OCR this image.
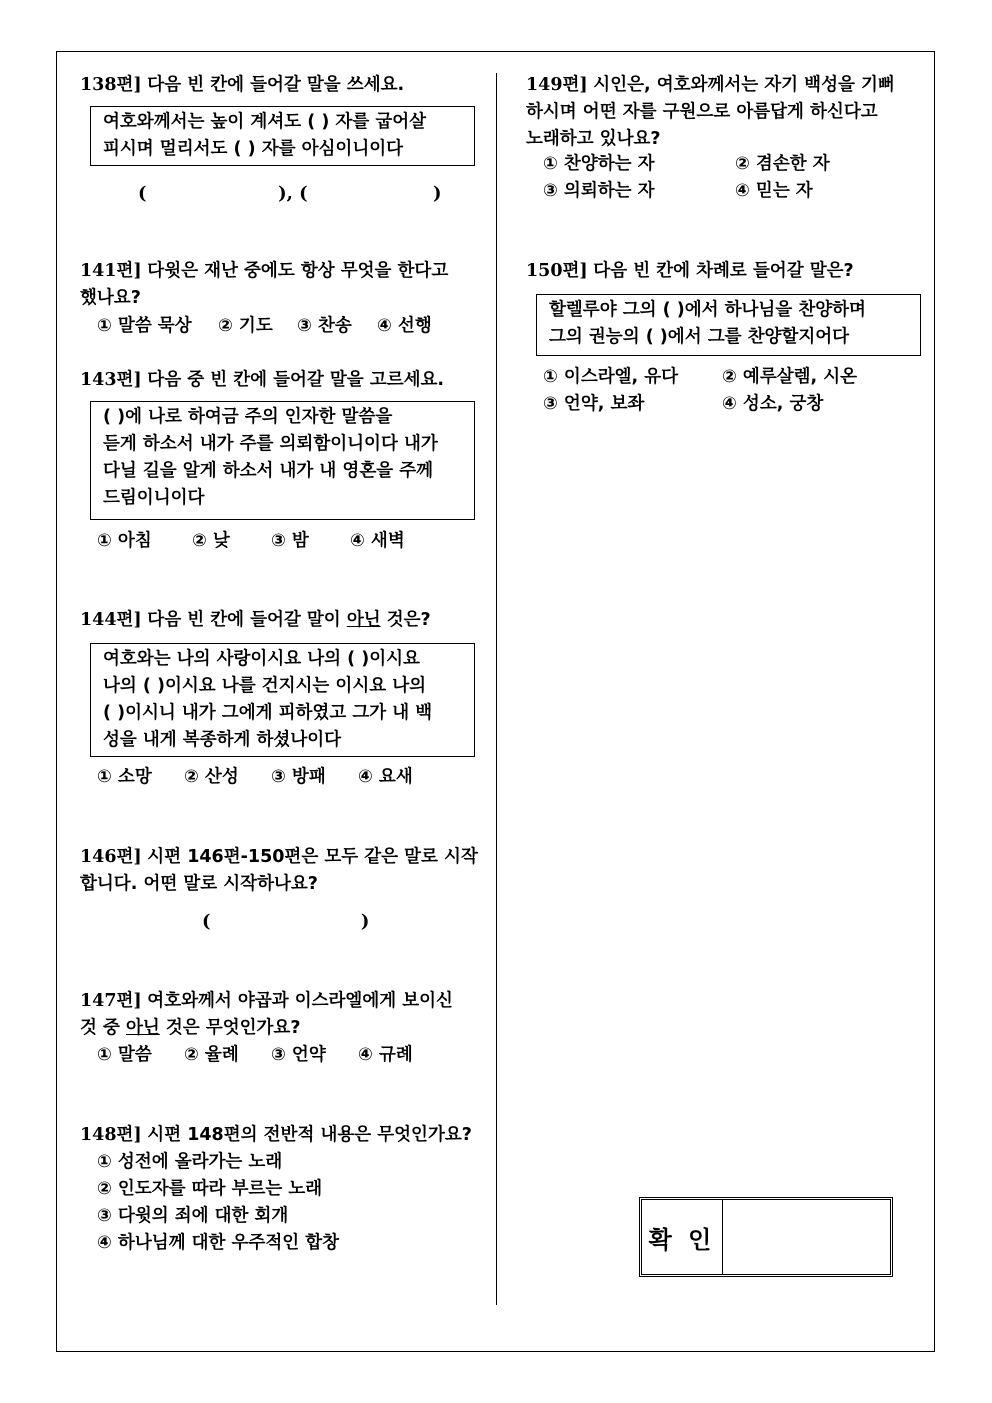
138편] 다음 빈 칸에 들어갈 말을 쓰세요.
여호와께서는 높이 계셔도 ( ) 자를 굽어살
피시며 멀리서도 ( ) 자를 아심이니이다
(                     ), (                    )
141편] 다윗은 재난 중에도 항상 무엇을 한다고
했나요?
① 말씀 묵상 ② 기도 ③ 찬송 ④ 선행
143편] 다음 중 빈 칸에 들어갈 말을 고르세요.
( )에 나로 하여금 주의 인자한 말씀을
듣게 하소서 내가 주를 의뢰함이니이다 내가
다닐 길을 알게 하소서 내가 내 영혼을 주께
드림이니이다
① 아침 ② 낮 ③ 밤 ④ 새벽
144편] 다음 빈 칸에 들어갈 말이 아닌 것은?
여호와는 나의 사랑이시요 나의 ( )이시요
나의 ( )이시요 나를 건지시는 이시요 나의
( )이시니 내가 그에게 피하였고 그가 내 백
성을 내게 복종하게 하셨나이다
① 소망 ② 산성 ③ 방패 ④ 요새
146편] 시편 146편-150편은 모두 같은 말로 시작
합니다. 어떤 말로 시작하나요?
(                        )
147편] 여호와께서 야곱과 이스라엘에게 보이신
것 중 아닌 것은 무엇인가요?
① 말씀 ② 율례 ③ 언약 ④ 규례
148편] 시편 148편의 전반적 내용은 무엇인가요?
① 성전에 올라가는 노래
② 인도자를 따라 부르는 노래
③ 다윗의 죄에 대한 회개
④ 하나님께 대한 우주적인 합창
149편] 시인은, 여호와께서는 자기 백성을 기뻐
하시며 어떤 자를 구원으로 아름답게 하신다고
노래하고 있나요?
① 찬양하는 자	② 겸손한 자
③ 의뢰하는 자	④ 믿는 자
150편] 다음 빈 칸에 차례로 들어갈 말은?
할렐루야 그의 ( )에서 하나님을 찬양하며
그의 권능의 ( )에서 그를 찬양할지어다
① 이스라엘, 유다	② 예루살렘, 시온
③ 언약, 보좌	④ 성소, 궁창
확 인
